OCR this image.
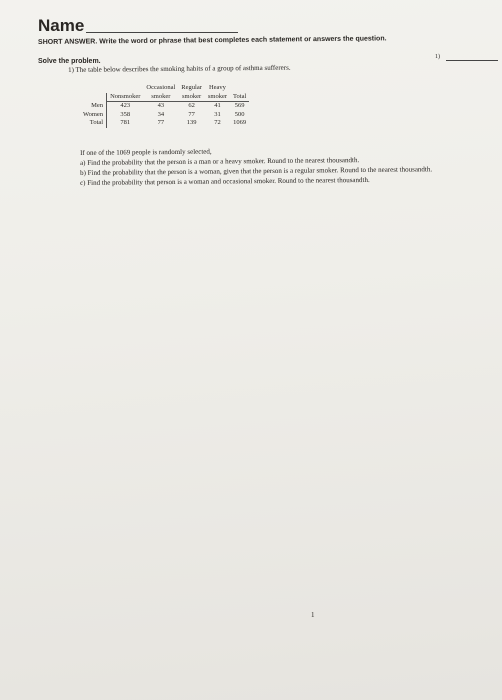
Name
SHORT ANSWER. Write the word or phrase that best completes each statement or answers the question.
1)
Solve the problem.
1) The table below describes the smoking habits of a group of asthma sufferers.
		Occasional	Regular	Heavy	
	Nonsmoker	smoker	smoker	smoker	Total
Men	423	43	62	41	569
Women	358	34	77	31	500
Total	781	77	139	72	1069

If one of the 1069 people is randomly selected,

a) Find the probability that the person is a man or a heavy smoker. Round to the nearest thousandth.

b) Find the probability that the person is a woman, given that the person is a regular smoker. Round to the nearest thousandth.

c) Find the probability that person is a woman and occasional smoker. Round to the nearest thousandth.

1
